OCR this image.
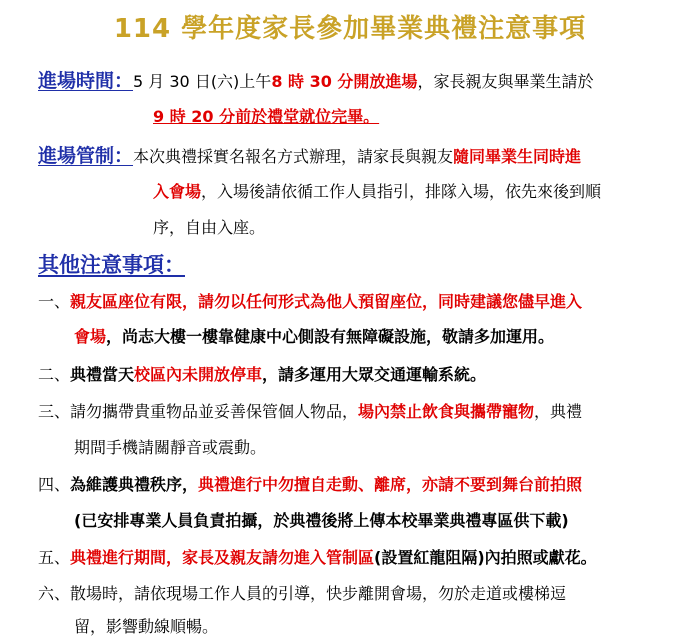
114 學年度家長參加畢業典禮注意事項
進場時間：5 月 30 日(六)上午8 時 30 分開放進場，家長親友與畢業生請於
9 時 20 分前於禮堂就位完畢。
進場管制：本次典禮採實名報名方式辦理，請家長與親友隨同畢業生同時進
入會場，入場後請依循工作人員指引，排隊入場，依先來後到順
序，自由入座。
其他注意事項：
一、親友區座位有限，請勿以任何形式為他人預留座位，同時建議您儘早進入
會場，尚志大樓一樓靠健康中心側設有無障礙設施，敬請多加運用。
二、典禮當天校區內未開放停車，請多運用大眾交通運輸系統。
三、請勿攜帶貴重物品並妥善保管個人物品，場內禁止飲食與攜帶寵物，典禮
期間手機請關靜音或震動。
四、為維護典禮秩序，典禮進行中勿擅自走動、離席，亦請不要到舞台前拍照
(已安排專業人員負責拍攝，於典禮後將上傳本校畢業典禮專區供下載)
五、典禮進行期間，家長及親友請勿進入管制區(設置紅龍阻隔)內拍照或獻花。
六、散場時，請依現場工作人員的引導，快步離開會場，勿於走道或樓梯逗
留，影響動線順暢。
